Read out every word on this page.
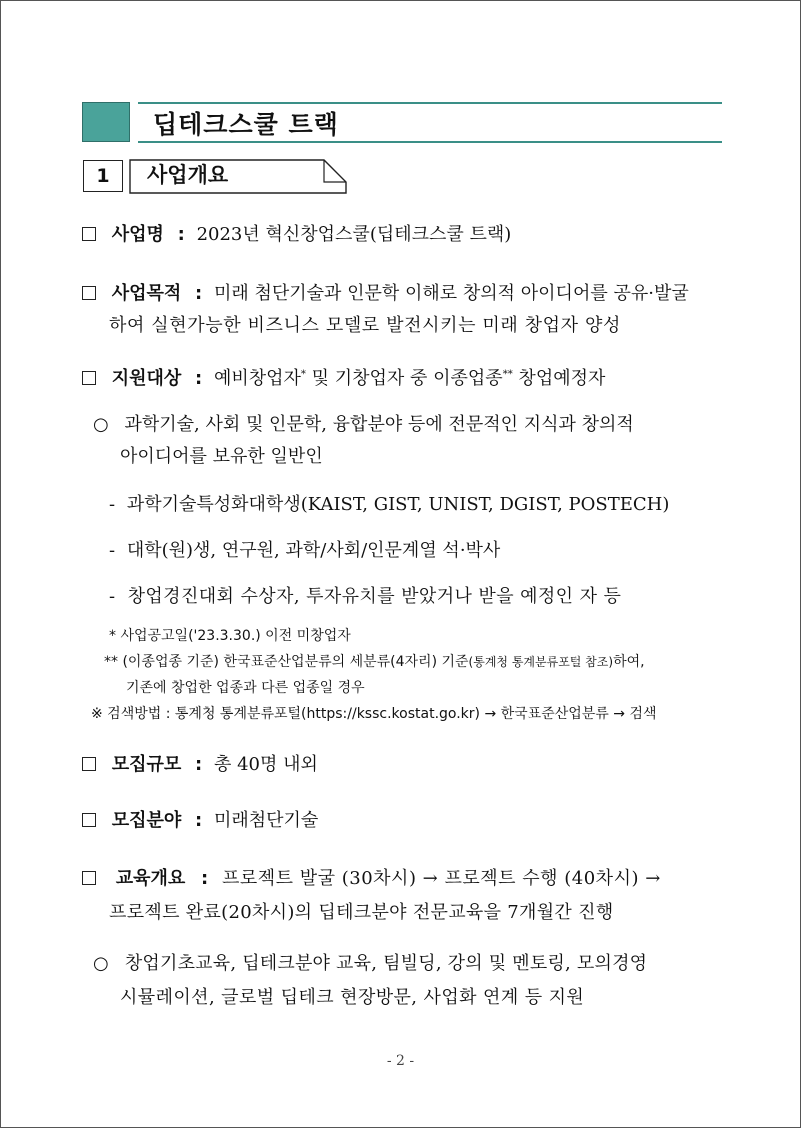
딥테크스쿨 트랙
1	사업개요
사업명 : 2023년 혁신창업스쿨(딥테크스쿨 트랙)
사업목적 : 미래 첨단기술과 인문학 이해로 창의적 아이디어를 공유·발굴
하여 실현가능한 비즈니스 모델로 발전시키는 미래 창업자 양성
지원대상 : 예비창업자* 및 기창업자 중 이종업종** 창업예정자
○ 과학기술, 사회 및 인문학, 융합분야 등에 전문적인 지식과 창의적
아이디어를 보유한 일반인
- 과학기술특성화대학생(KAIST, GIST, UNIST, DGIST, POSTECH)
- 대학(원)생, 연구원, 과학/사회/인문계열 석·박사
- 창업경진대회 수상자, 투자유치를 받았거나 받을 예정인 자 등
* 사업공고일('23.3.30.) 이전 미창업자
** (이종업종 기준) 한국표준산업분류의 세분류(4자리) 기준(통계청 통계분류포털 참조)하여,
기존에 창업한 업종과 다른 업종일 경우
※ 검색방법 : 통계청 통계분류포털(https://kssc.kostat.go.kr) → 한국표준산업분류 → 검색
모집규모 : 총 40명 내외
모집분야 : 미래첨단기술
교육개요 : 프로젝트 발굴 (30차시) → 프로젝트 수행 (40차시) →
프로젝트 완료(20차시)의 딥테크분야 전문교육을 7개월간 진행
○ 창업기초교육, 딥테크분야 교육, 팀빌딩, 강의 및 멘토링, 모의경영
시뮬레이션, 글로벌 딥테크 현장방문, 사업화 연계 등 지원
- 2 -
